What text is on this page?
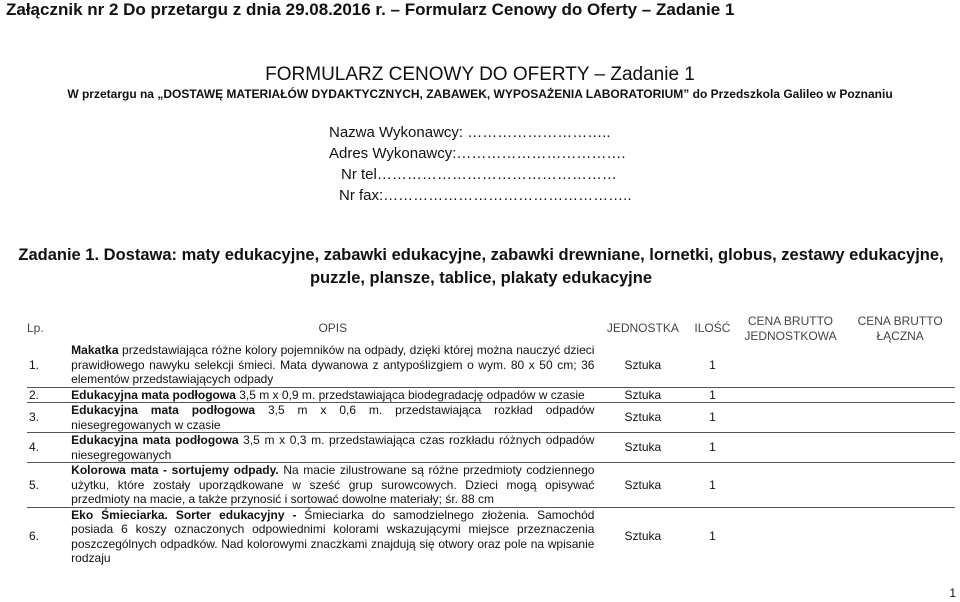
Załącznik nr 2 Do przetargu z dnia 29.08.2016 r. – Formularz Cenowy do Oferty – Zadanie 1
FORMULARZ CENOWY DO OFERTY – Zadanie 1
W przetargu na „DOSTAWĘ MATERIAŁÓW DYDAKTYCZNYCH, ZABAWEK, WYPOSAŻENIA LABORATORIUM” do Przedszkola Galileo w Poznaniu
Nazwa Wykonawcy: ………………………..
Adres Wykonawcy:…………………………….
Nr tel…………………………………………
Nr fax:…………………………………………..
Zadanie 1. Dostawa: maty edukacyjne, zabawki edukacyjne, zabawki drewniane, lornetki, globus, zestawy edukacyjne,
puzzle, plansze, tablice, plakaty edukacyjne
Lp.	OPIS	JEDNOSTKA	ILOŚĆ	CENA BRUTTO JEDNOSTKOWA	CENA BRUTTO ŁĄCZNA
1.	Makatka przedstawiająca różne kolory pojemników na odpady, dzięki której można nauczyć dzieci prawidłowego nawyku selekcji śmieci. Mata dywanowa z antypoślizgiem o wym. 80 x 50 cm; 36 elementów przedstawiających odpady	Sztuka	1		
2.	Edukacyjna mata podłogowa 3,5 m x 0,9 m. przedstawiająca biodegradację odpadów w czasie	Sztuka	1		
3.	Edukacyjna mata podłogowa 3,5 m x 0,6 m. przedstawiająca rozkład odpadów niesegregowanych w czasie	Sztuka	1		
4.	Edukacyjna mata podłogowa 3,5 m x 0,3 m. przedstawiająca czas rozkładu różnych odpadów niesegregowanych	Sztuka	1		
5.	Kolorowa mata - sortujemy odpady. Na macie zilustrowane są różne przedmioty codziennego użytku, które zostały uporządkowane w sześć grup surowcowych. Dzieci mogą opisywać przedmioty na macie, a także przynosić i sortować dowolne materiały; śr. 88 cm	Sztuka	1		
6.	Eko Śmieciarka. Sorter edukacyjny - Śmieciarka do samodzielnego złożenia. Samochód posiada 6 koszy oznaczonych odpowiednimi kolorami wskazującymi miejsce przeznaczenia poszczególnych odpadków. Nad kolorowymi znaczkami znajdują się otwory oraz pole na wpisanie rodzaju	Sztuka	1		
1
